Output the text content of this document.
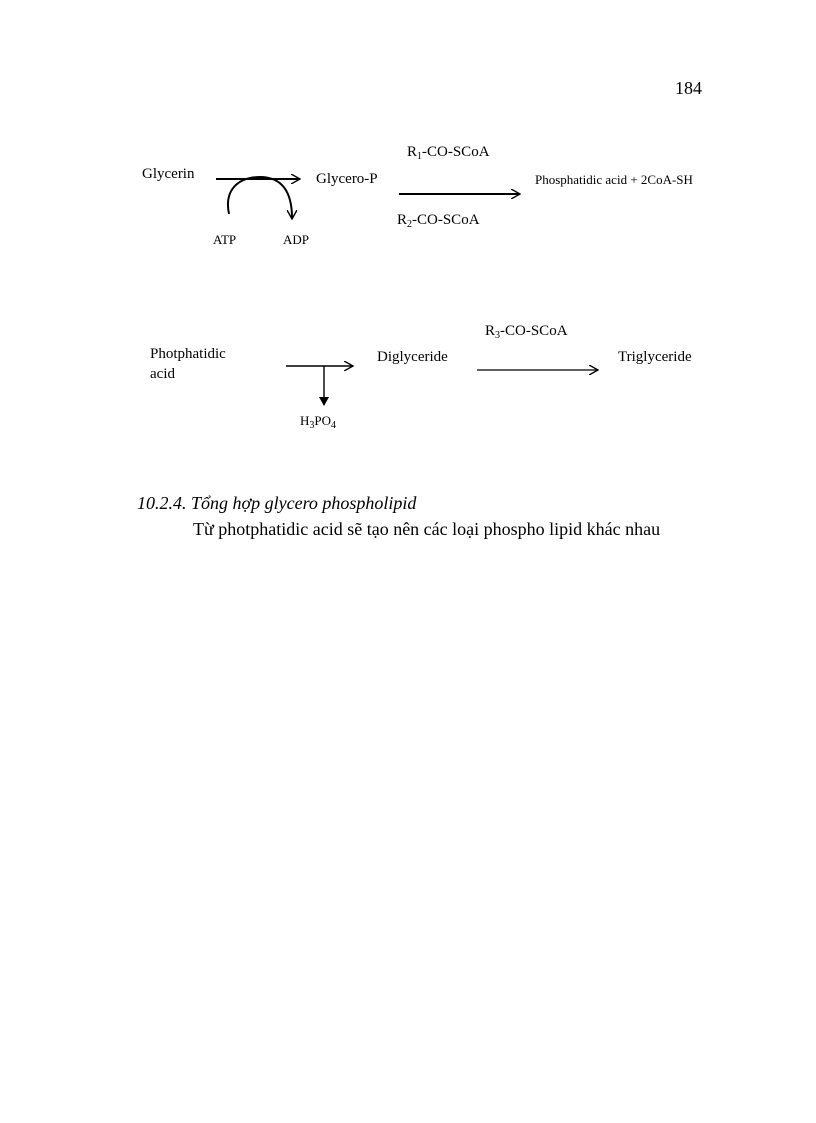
184
Glycerin	Glycero-P
ATP	ADP
$R_1-CO$-SCoA
$R_2-CO$-SCoA
Phosphatidic acid + 2CoA-SH
Photphatidic
acid
$H_3PO_4$
Diglyceride
$R_3-CO$-SCoA
Triglyceride
10.2.4. Tổng hợp glycero phospholipid
Từ photphatidic acid sẽ tạo nên các loại phospho lipid khác nhau
